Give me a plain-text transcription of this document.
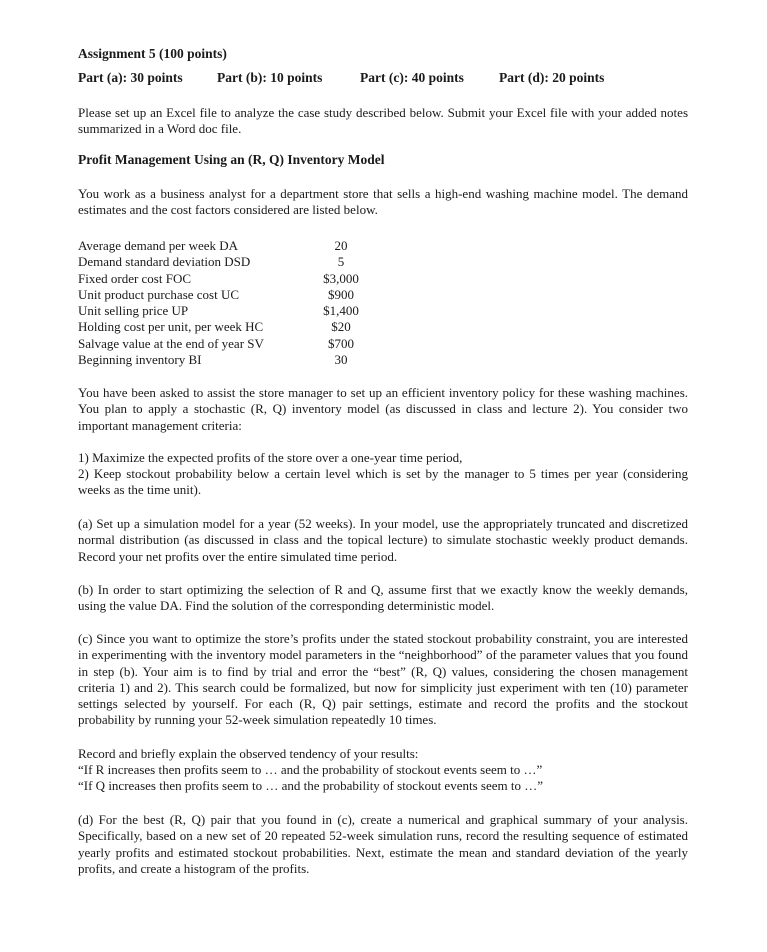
Assignment 5 (100 points)
Part (a): 30 points	Part (b): 10 points	Part (c): 40 points	Part (d): 20 points
Please set up an Excel file to analyze the case study described below. Submit your Excel file with your added notes summarized in a Word doc file.
Profit Management Using an (R, Q) Inventory Model
You work as a business analyst for a department store that sells a high-end washing machine model. The demand estimates and the cost factors considered are listed below.
Average demand per week DA	20
Demand standard deviation DSD	5
Fixed order cost FOC	$3,000
Unit product purchase cost UC	$900
Unit selling price UP	$1,400
Holding cost per unit, per week HC	$20
Salvage value at the end of year SV	$700
Beginning inventory BI	30
You have been asked to assist the store manager to set up an efficient inventory policy for these washing machines. You plan to apply a stochastic (R, Q) inventory model (as discussed in class and lecture 2). You consider two important management criteria:
1) Maximize the expected profits of the store over a one-year time period,
2) Keep stockout probability below a certain level which is set by the manager to 5 times per year (considering weeks as the time unit).
(a) Set up a simulation model for a year (52 weeks). In your model, use the appropriately truncated and discretized normal distribution (as discussed in class and the topical lecture) to simulate stochastic weekly product demands. Record your net profits over the entire simulated time period.
(b) In order to start optimizing the selection of R and Q, assume first that we exactly know the weekly demands, using the value DA. Find the solution of the corresponding deterministic model.
(c) Since you want to optimize the store’s profits under the stated stockout probability constraint, you are interested in experimenting with the inventory model parameters in the “neighborhood” of the parameter values that you found in step (b). Your aim is to find by trial and error the “best” (R, Q) values, considering the chosen management criteria 1) and 2). This search could be formalized, but now for simplicity just experiment with ten (10) parameter settings selected by yourself. For each (R, Q) pair settings, estimate and record the profits and the stockout probability by running your 52-week simulation repeatedly 10 times.
Record and briefly explain the observed tendency of your results:
“If R increases then profits seem to … and the probability of stockout events seem to …”
“If Q increases then profits seem to … and the probability of stockout events seem to …”
(d) For the best (R, Q) pair that you found in (c), create a numerical and graphical summary of your analysis. Specifically, based on a new set of 20 repeated 52-week simulation runs, record the resulting sequence of estimated yearly profits and estimated stockout probabilities. Next, estimate the mean and standard deviation of the yearly profits, and create a histogram of the profits.
